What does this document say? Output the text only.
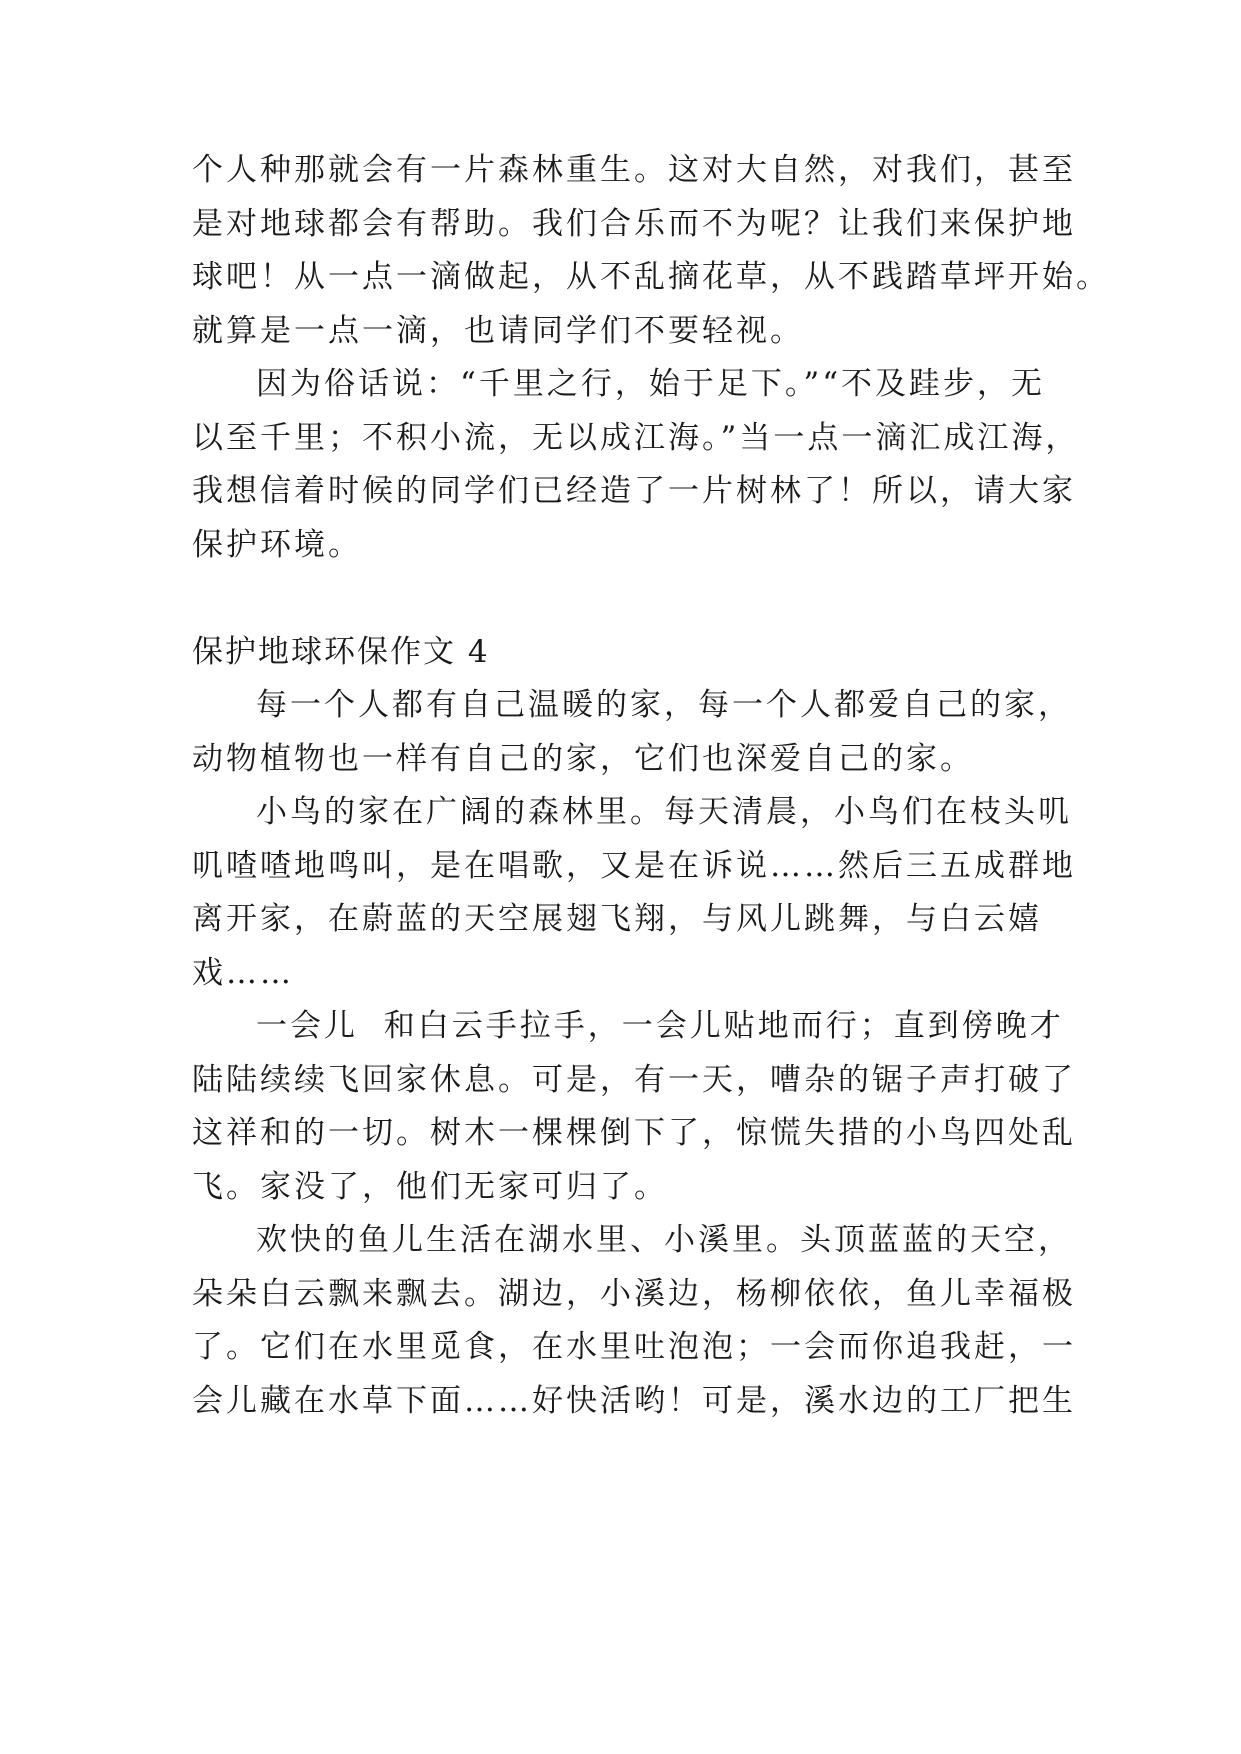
个人种那就会有一片森林重生。这对大自然，对我们，甚至
是对地球都会有帮助。我们合乐而不为呢？让我们来保护地
球吧！从一点一滴做起，从不乱摘花草，从不践踏草坪开始。
就算是一点一滴，也请同学们不要轻视。
因为俗话说：“千里之行，始于足下。”“不及跬步，无
以至千里；不积小流，无以成江海。”当一点一滴汇成江海，
我想信着时候的同学们已经造了一片树林了！所以，请大家
保护环境。
保护地球环保作文 4
每一个人都有自己温暖的家，每一个人都爱自己的家，
动物植物也一样有自己的家，它们也深爱自己的家。
小鸟的家在广阔的森林里。每天清晨，小鸟们在枝头叽
叽喳喳地鸣叫，是在唱歌，又是在诉说……然后三五成群地
离开家，在蔚蓝的天空展翅飞翔，与风儿跳舞，与白云嬉
戏……
一会儿  和白云手拉手，一会儿贴地而行；直到傍晚才
陆陆续续飞回家休息。可是，有一天，嘈杂的锯子声打破了
这祥和的一切。树木一棵棵倒下了，惊慌失措的小鸟四处乱
飞。家没了，他们无家可归了。
欢快的鱼儿生活在湖水里、小溪里。头顶蓝蓝的天空，
朵朵白云飘来飘去。湖边，小溪边，杨柳依依，鱼儿幸福极
了。它们在水里觅食，在水里吐泡泡；一会而你追我赶，一
会儿藏在水草下面……好快活哟！可是，溪水边的工厂把生
